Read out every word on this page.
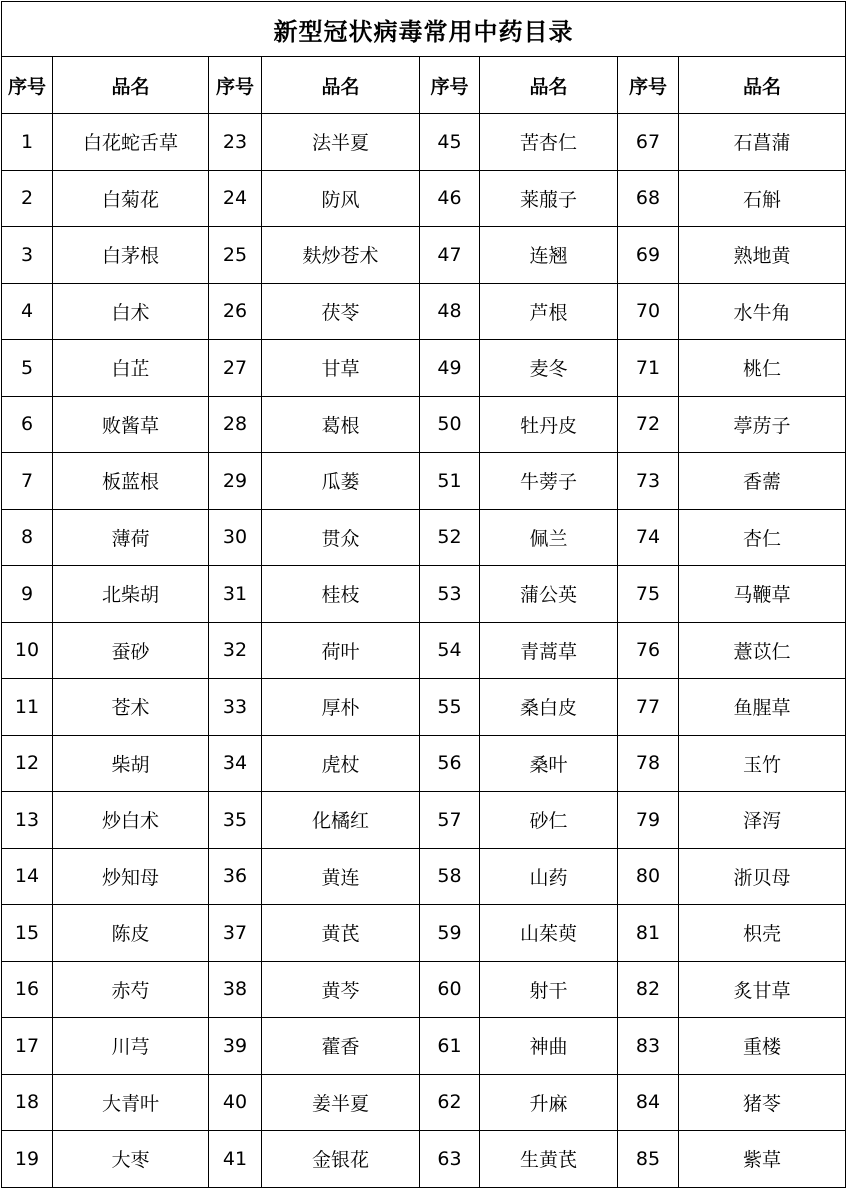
新型冠状病毒常用中药目录							
序号	品名	序号	品名	序号	品名	序号	品名
1	白花蛇舌草	23	法半夏	45	苦杏仁	67	石菖蒲
2	白菊花	24	防风	46	莱菔子	68	石斛
3	白茅根	25	麸炒苍术	47	连翘	69	熟地黄
4	白术	26	茯苓	48	芦根	70	水牛角
5	白芷	27	甘草	49	麦冬	71	桃仁
6	败酱草	28	葛根	50	牡丹皮	72	葶苈子
7	板蓝根	29	瓜蒌	51	牛蒡子	73	香薷
8	薄荷	30	贯众	52	佩兰	74	杏仁
9	北柴胡	31	桂枝	53	蒲公英	75	马鞭草
10	蚕砂	32	荷叶	54	青蒿草	76	薏苡仁
11	苍术	33	厚朴	55	桑白皮	77	鱼腥草
12	柴胡	34	虎杖	56	桑叶	78	玉竹
13	炒白术	35	化橘红	57	砂仁	79	泽泻
14	炒知母	36	黄连	58	山药	80	浙贝母
15	陈皮	37	黄芪	59	山茱萸	81	枳壳
16	赤芍	38	黄芩	60	射干	82	炙甘草
17	川芎	39	藿香	61	神曲	83	重楼
18	大青叶	40	姜半夏	62	升麻	84	猪苓
19	大枣	41	金银花	63	生黄芪	85	紫草
